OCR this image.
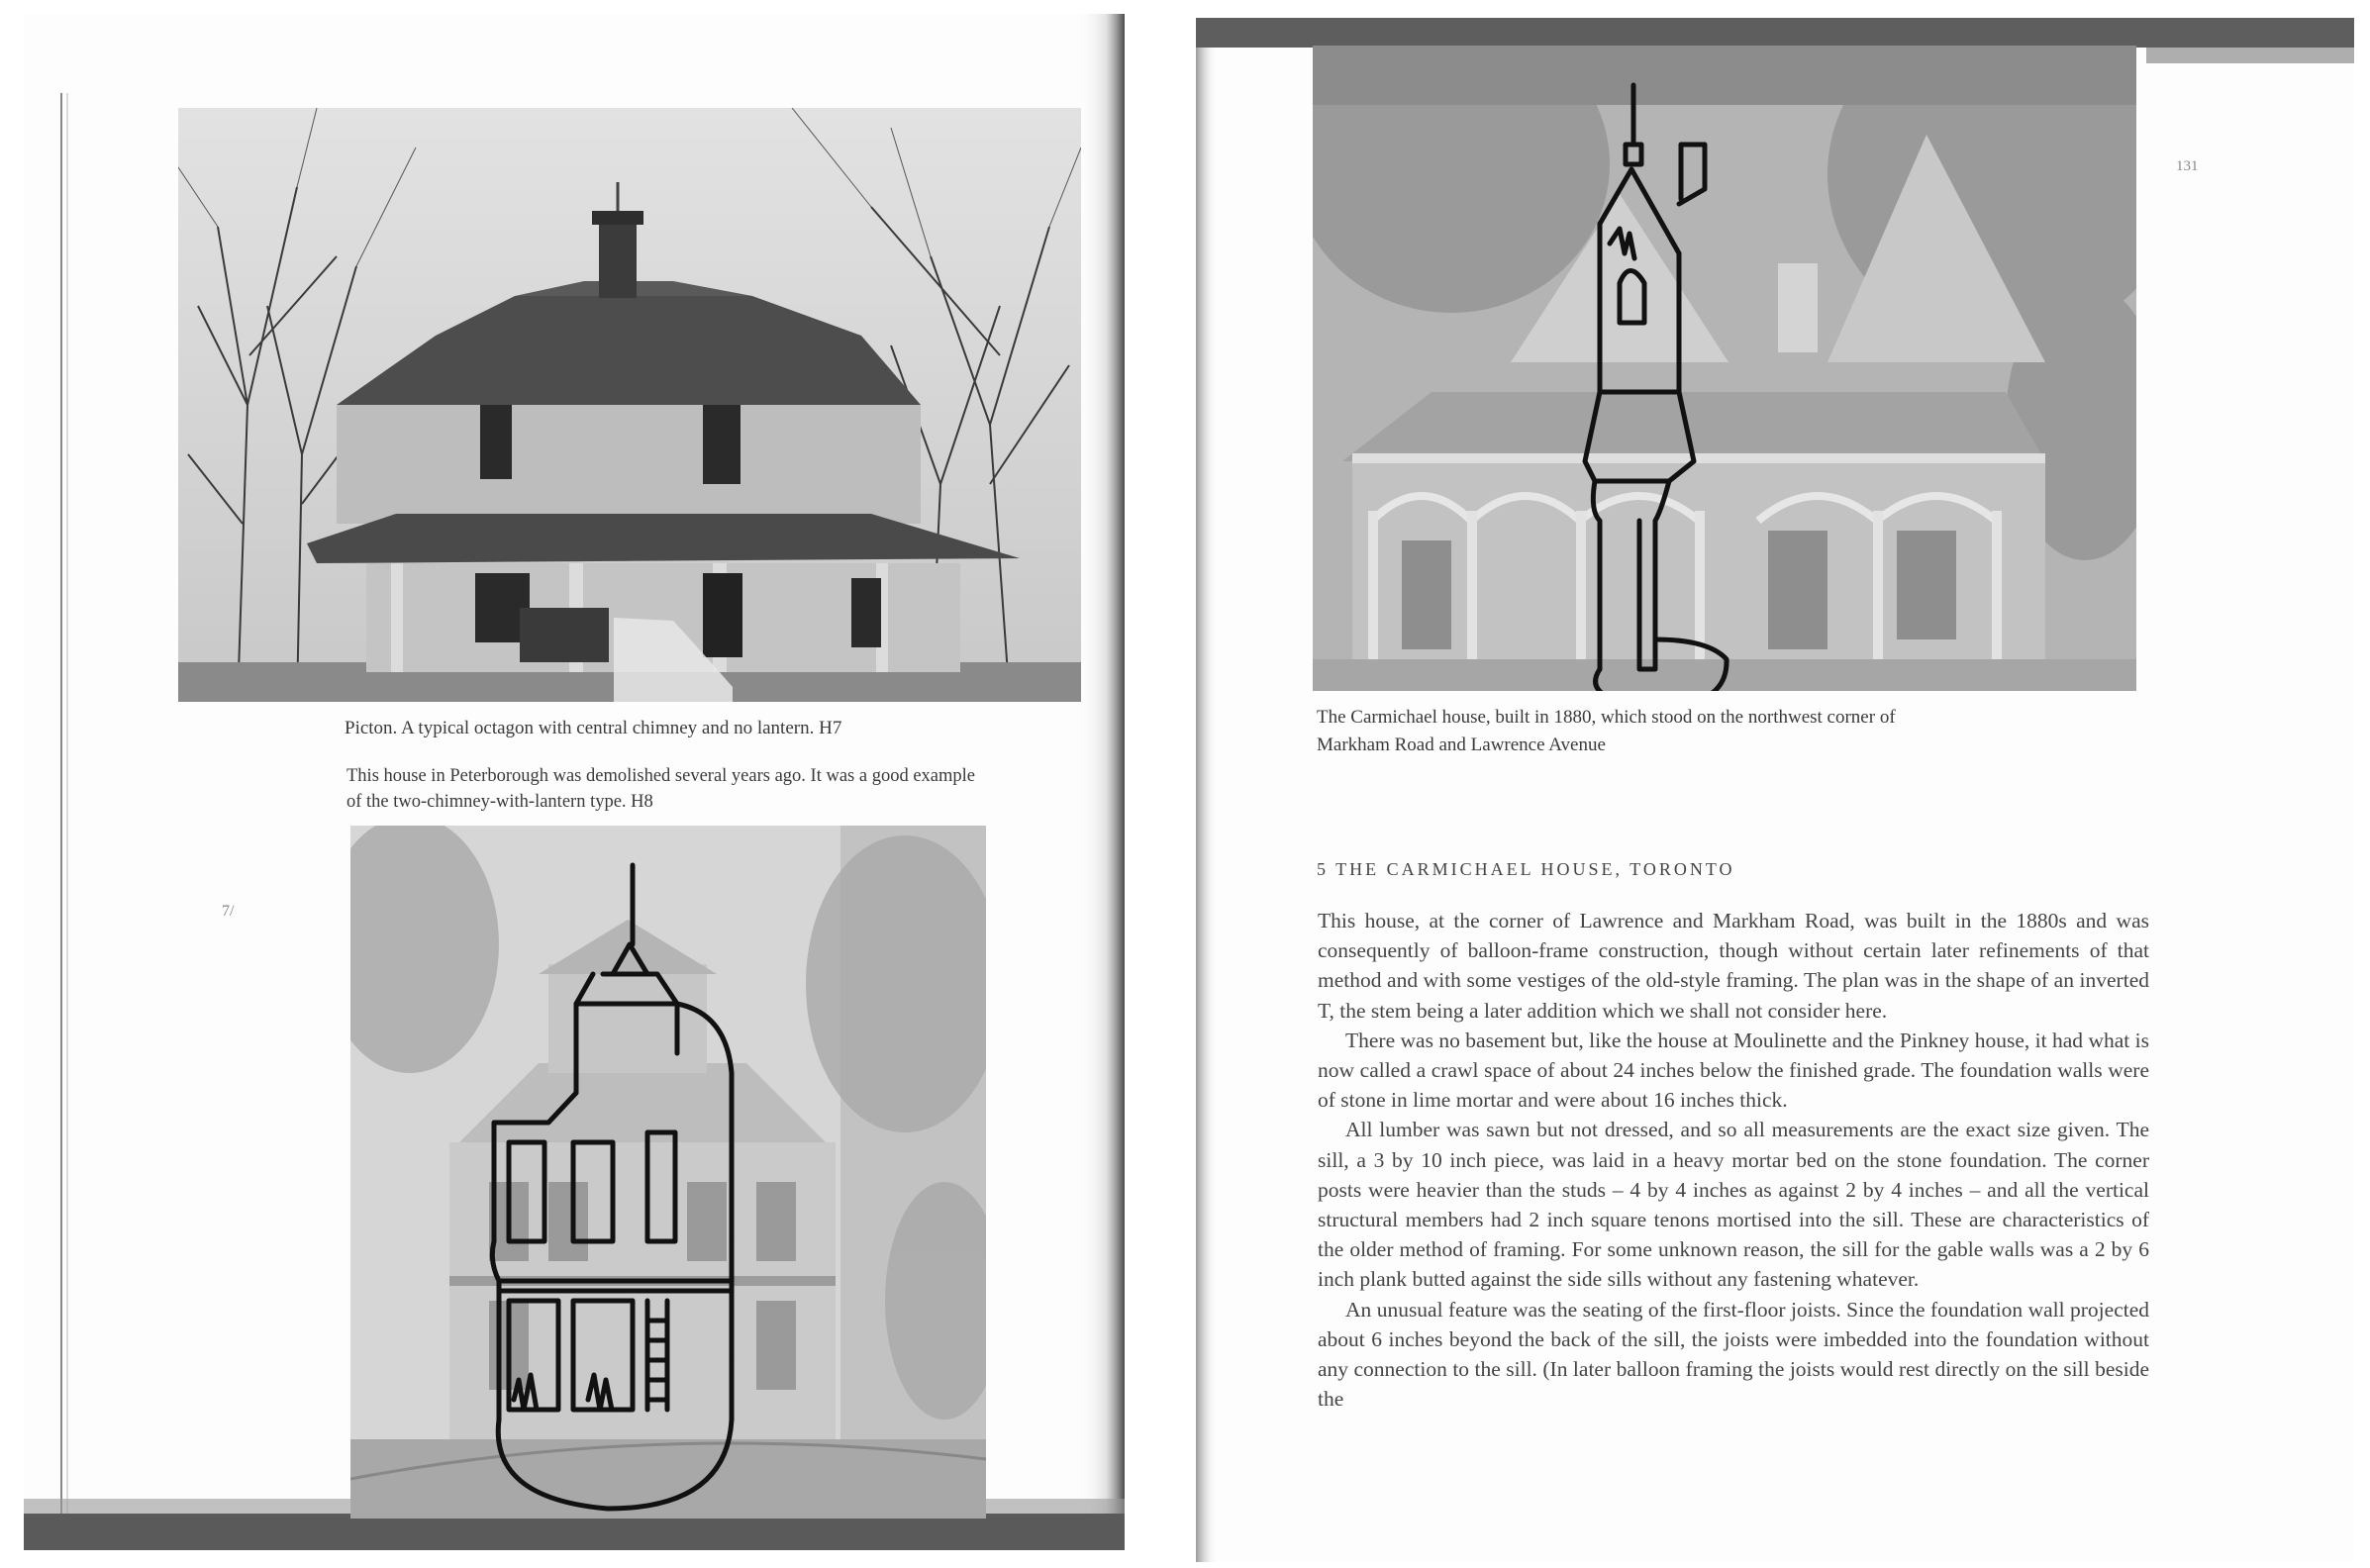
Picton. A typical octagon with central chimney and no lantern. H7
This house in Peterborough was demolished several years ago. It was a good example
of the two-chimney-with-lantern type. H8
7/
131
The Carmichael house, built in 1880, which stood on the northwest corner of
Markham Road and Lawrence Avenue
5 THE CARMICHAEL HOUSE, TORONTO

This house, at the corner of Lawrence and Markham Road, was built in the 1880s and was consequently of balloon-frame construction, though without certain later refinements of that method and with some vestiges of the old-style framing. The plan was in the shape of an inverted T, the stem being a later addition which we shall not consider here.

There was no basement but, like the house at Moulinette and the Pinkney house, it had what is now called a crawl space of about 24 inches below the finished grade. The foundation walls were of stone in lime mortar and were about 16 inches thick.

All lumber was sawn but not dressed, and so all measurements are the exact size given. The sill, a 3 by 10 inch piece, was laid in a heavy mortar bed on the stone foundation. The corner posts were heavier than the studs – 4 by 4 inches as against 2 by 4 inches – and all the vertical structural members had 2 inch square tenons mortised into the sill. These are characteristics of the older method of framing. For some unknown reason, the sill for the gable walls was a 2 by 6 inch plank butted against the side sills without any fastening whatever.

An unusual feature was the seating of the first-floor joists. Since the foundation wall projected about 6 inches beyond the back of the sill, the joists were imbedded into the foundation without any connection to the sill. (In later balloon framing the joists would rest directly on the sill beside the
